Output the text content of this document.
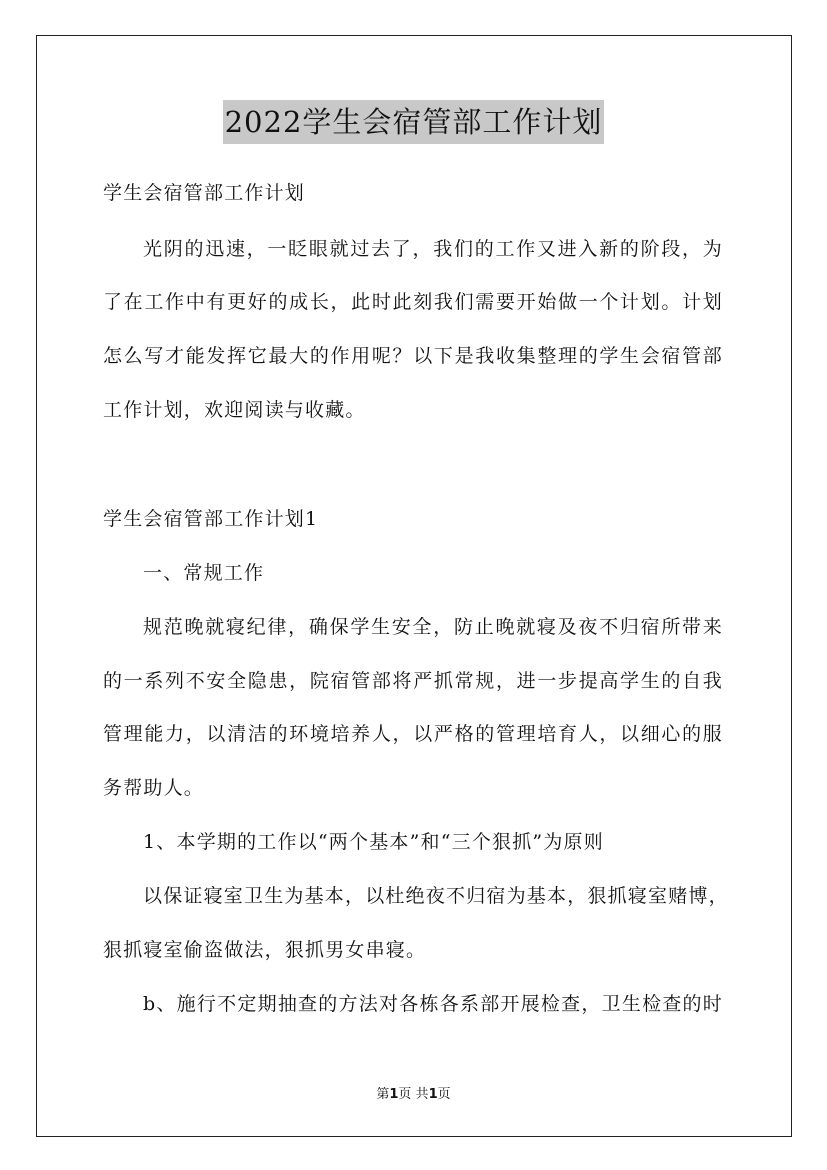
2022学生会宿管部工作计划
学生会宿管部工作计划
光阴的迅速，一眨眼就过去了，我们的工作又进入新的阶段，为
了在工作中有更好的成长，此时此刻我们需要开始做一个计划。计划
怎么写才能发挥它最大的作用呢？以下是我收集整理的学生会宿管部
工作计划，欢迎阅读与收藏。
学生会宿管部工作计划1
一、常规工作
规范晚就寝纪律，确保学生安全，防止晚就寝及夜不归宿所带来
的一系列不安全隐患，院宿管部将严抓常规，进一步提高学生的自我
管理能力，以清洁的环境培养人，以严格的管理培育人，以细心的服
务帮助人。
1、本学期的工作以“两个基本”和“三个狠抓”为原则
以保证寝室卫生为基本，以杜绝夜不归宿为基本，狠抓寝室赌博，
狠抓寝室偷盗做法，狠抓男女串寝。
b、施行不定期抽查的方法对各栋各系部开展检查，卫生检查的时
第1页 共1页
